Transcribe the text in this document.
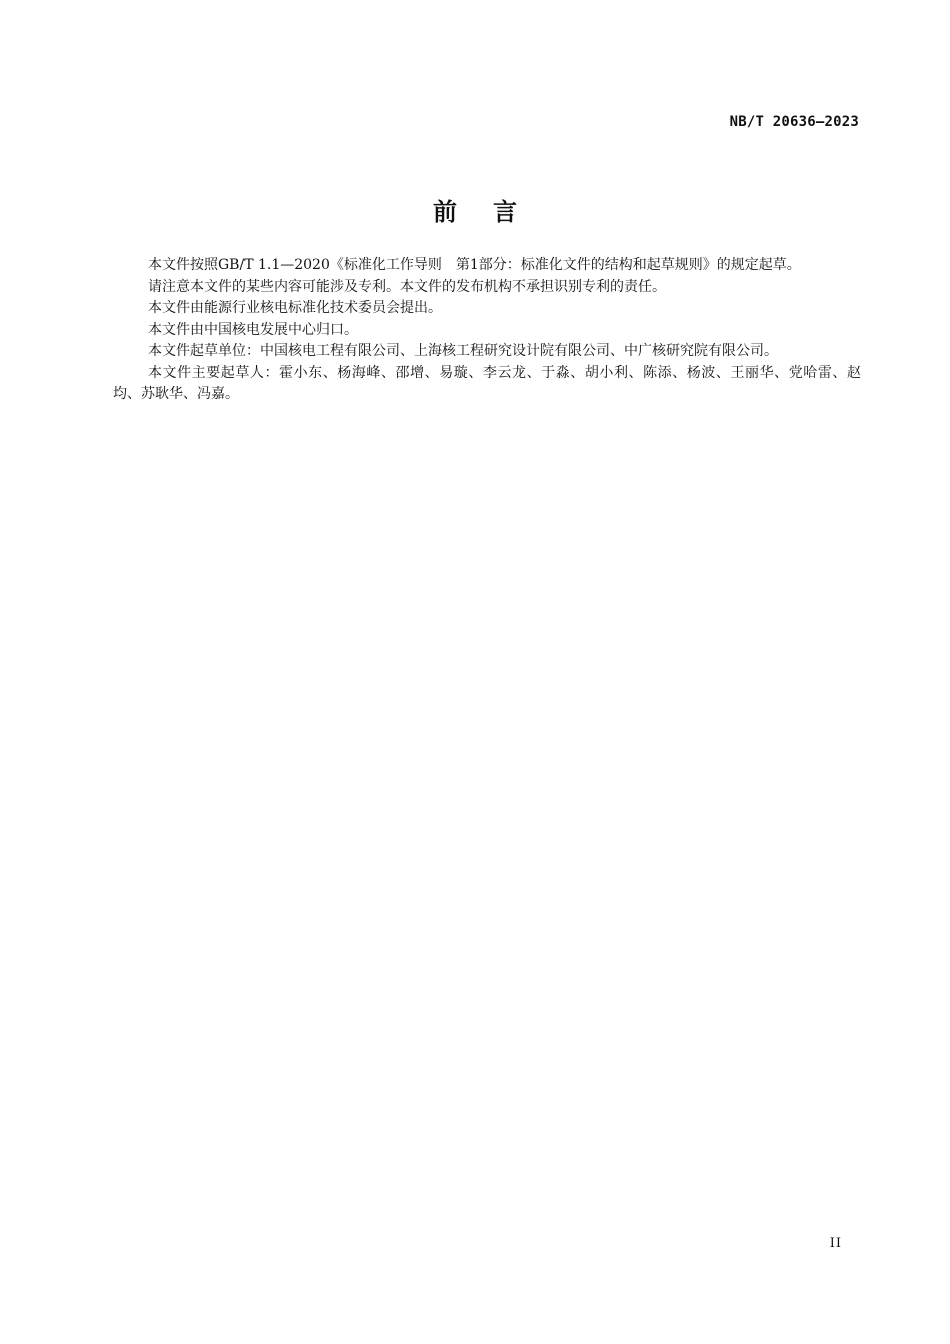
NB/T 20636—2023
前言

本文件按照GB/T 1.1—2020《标准化工作导则　第1部分：标准化文件的结构和起草规则》的规定起草。

请注意本文件的某些内容可能涉及专利。本文件的发布机构不承担识别专利的责任。

本文件由能源行业核电标准化技术委员会提出。

本文件由中国核电发展中心归口。

本文件起草单位：中国核电工程有限公司、上海核工程研究设计院有限公司、中广核研究院有限公司。

本文件主要起草人：霍小东、杨海峰、邵增、易璇、李云龙、于淼、胡小利、陈添、杨波、王丽华、党哈雷、赵均、苏耿华、冯嘉。

II
